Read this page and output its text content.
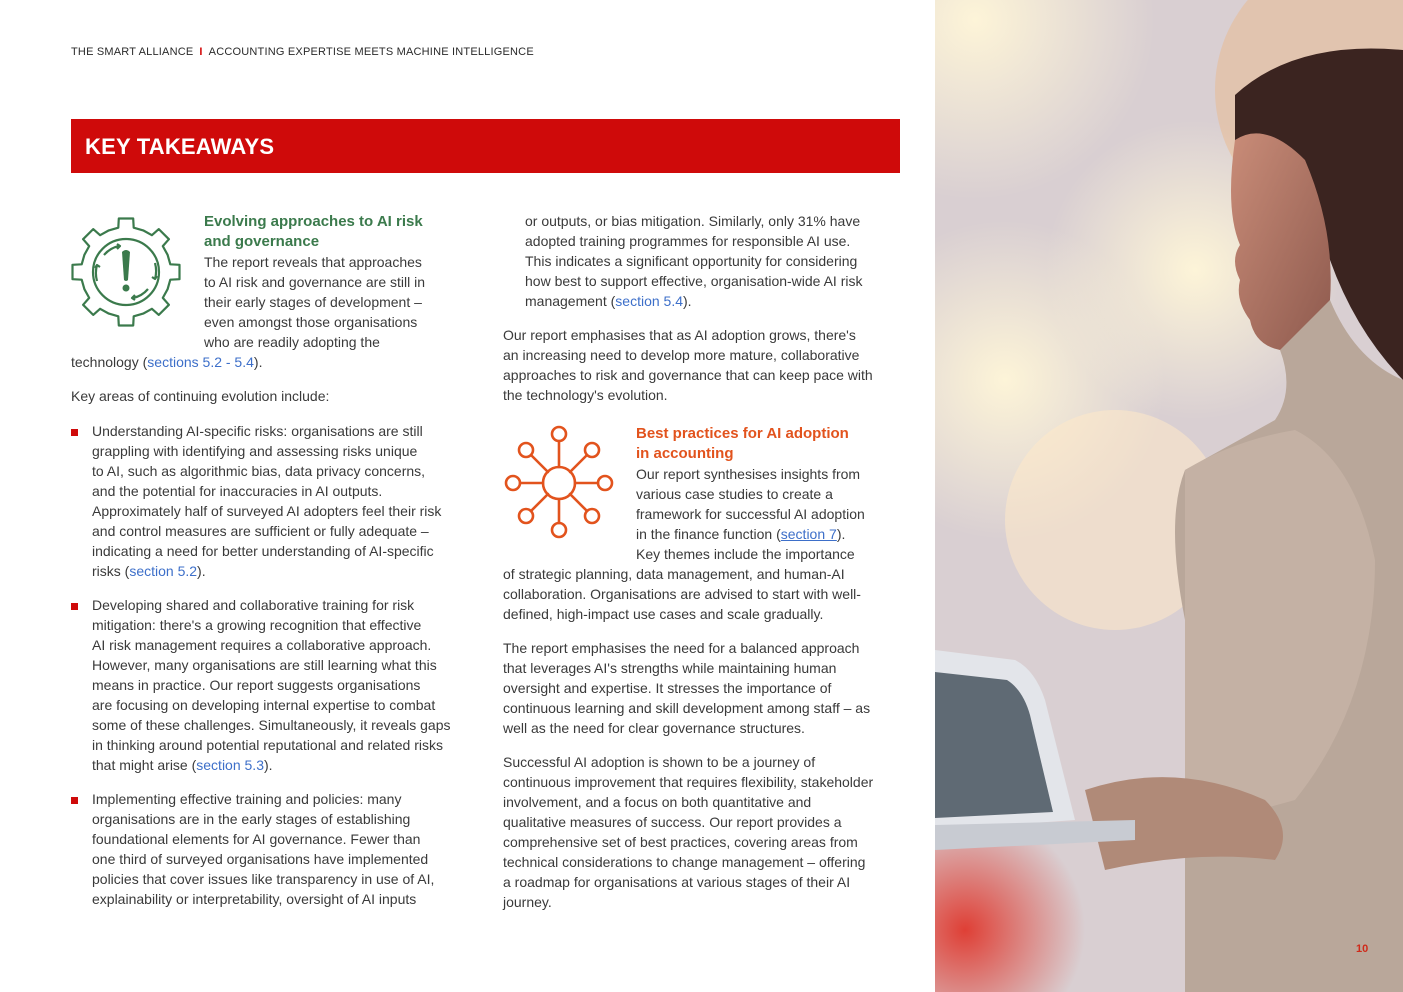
THE SMART ALLIANCE I ACCOUNTING EXPERTISE MEETS MACHINE INTELLIGENCE
KEY TAKEAWAYS
Evolving approaches to AI risk
and governance
The report reveals that approaches
to AI risk and governance are still in
their early stages of development –
even amongst those organisations
who are readily adopting the
technology (sections 5.2 - 5.4).
Key areas of continuing evolution include:
Understanding AI-specific risks: organisations are still
grappling with identifying and assessing risks unique
to AI, such as algorithmic bias, data privacy concerns,
and the potential for inaccuracies in AI outputs.
Approximately half of surveyed AI adopters feel their risk
and control measures are sufficient or fully adequate –
indicating a need for better understanding of AI-specific
risks (section 5.2).
Developing shared and collaborative training for risk
mitigation: there's a growing recognition that effective
AI risk management requires a collaborative approach.
However, many organisations are still learning what this
means in practice. Our report suggests organisations
are focusing on developing internal expertise to combat
some of these challenges. Simultaneously, it reveals gaps
in thinking around potential reputational and related risks
that might arise (section 5.3).
Implementing effective training and policies: many
organisations are in the early stages of establishing
foundational elements for AI governance. Fewer than
one third of surveyed organisations have implemented
policies that cover issues like transparency in use of AI,
explainability or interpretability, oversight of AI inputs
or outputs, or bias mitigation. Similarly, only 31% have
adopted training programmes for responsible AI use.
This indicates a significant opportunity for considering
how best to support effective, organisation-wide AI risk
management (section 5.4).
Our report emphasises that as AI adoption grows, there's
an increasing need to develop more mature, collaborative
approaches to risk and governance that can keep pace with
the technology's evolution.
Best practices for AI adoption
in accounting
Our report synthesises insights from
various case studies to create a
framework for successful AI adoption
in the finance function (section 7).
Key themes include the importance
of strategic planning, data management, and human-AI
collaboration. Organisations are advised to start with well-
defined, high-impact use cases and scale gradually.
The report emphasises the need for a balanced approach
that leverages AI's strengths while maintaining human
oversight and expertise. It stresses the importance of
continuous learning and skill development among staff – as
well as the need for clear governance structures.
Successful AI adoption is shown to be a journey of
continuous improvement that requires flexibility, stakeholder
involvement, and a focus on both quantitative and
qualitative measures of success. Our report provides a
comprehensive set of best practices, covering areas from
technical considerations to change management – offering
a roadmap for organisations at various stages of their AI
journey.
10
